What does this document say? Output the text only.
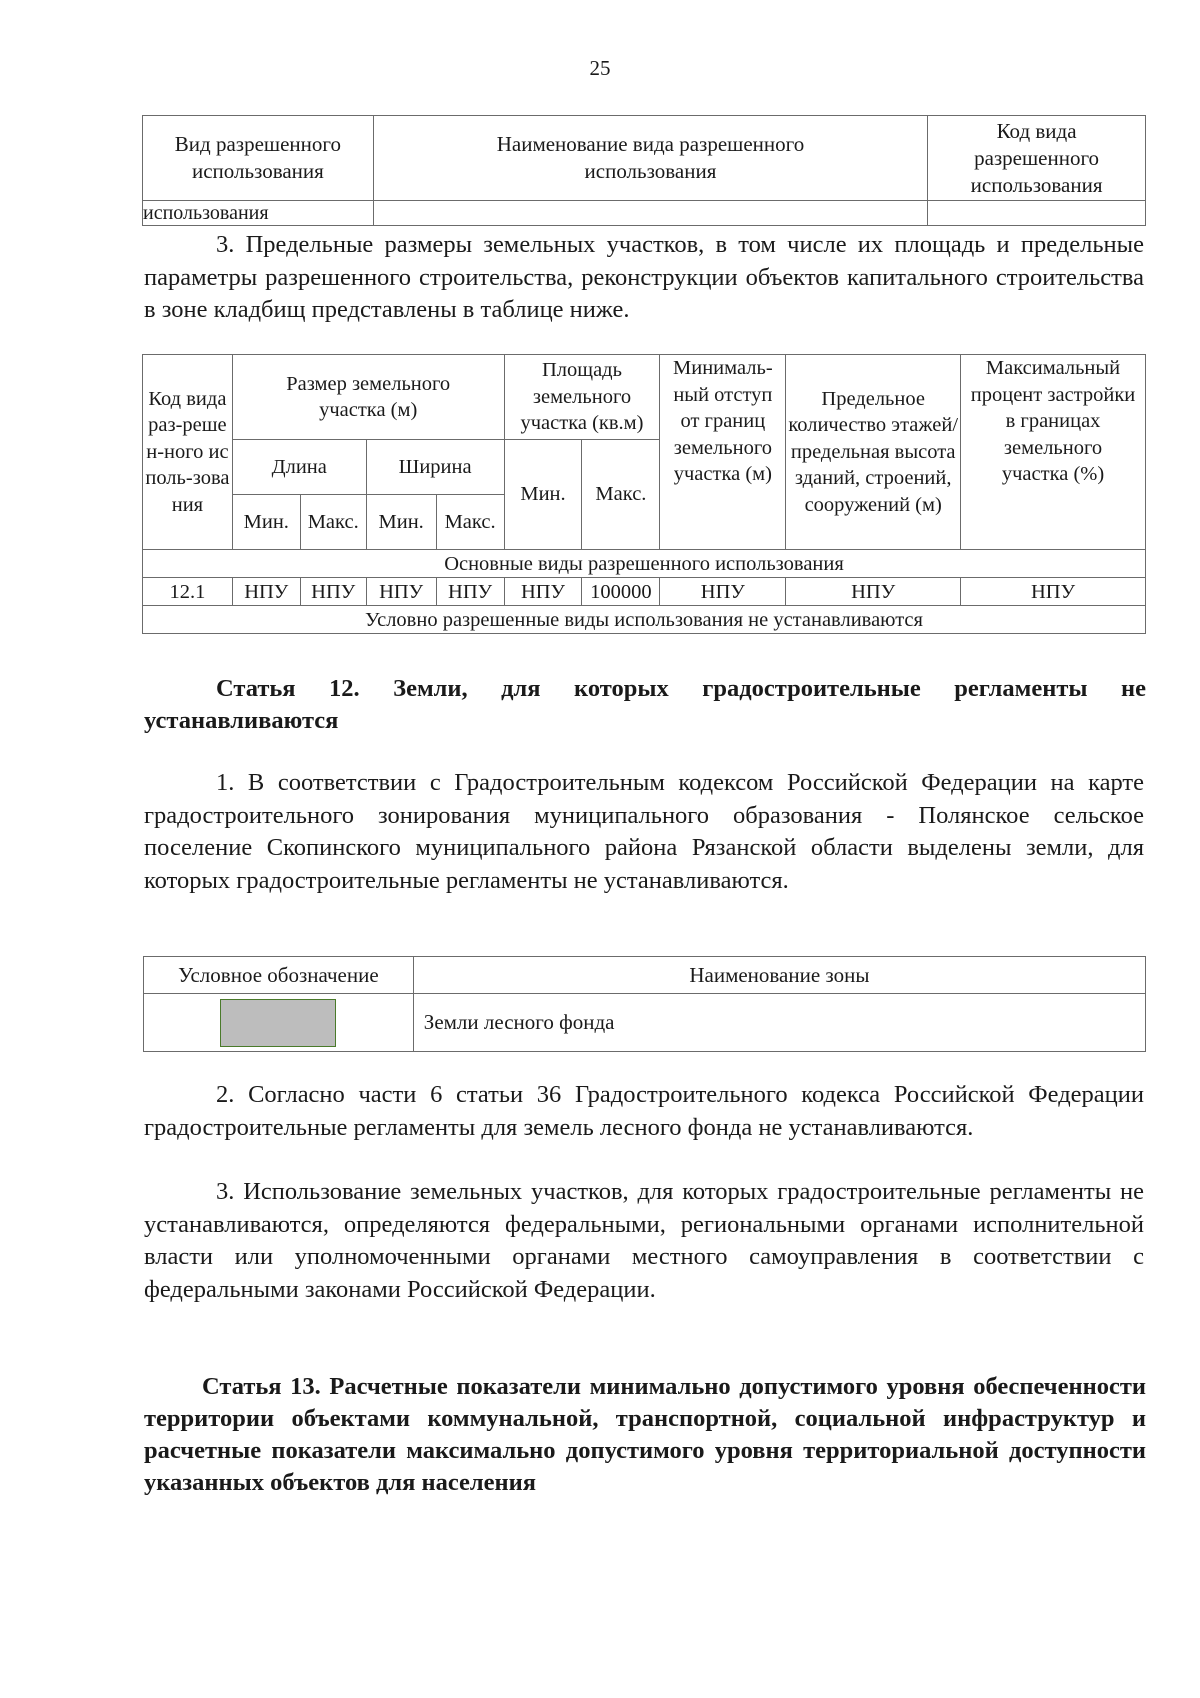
25
Вид разрешенного использования	Наименование вида разрешенного использования	Код вида разрешенного использования
использования		
3. Предельные размеры земельных участков, в том числе их площадь и предельные параметры разрешенного строительства, реконструкции объектов капитального строительства в зоне кладбищ представлены в таблице ниже.
Код вида раз-решен-ного исполь-зования	Размер земельного участка (м)				Площадь земельного участка (кв.м)		Минималь-ный отступ от границ земельного участка (м)	Предельное количество этажей/ предельная высота зданий, строений, сооружений (м)	Максимальный процент застройки в границах земельного участка (%)
	Длина		Ширина		Мин.	Макс.			
	Мин.	Макс.	Мин.	Макс.					
Основные виды разрешенного использования									
12.1	НПУ	НПУ	НПУ	НПУ	НПУ	100000	НПУ	НПУ	НПУ
Условно разрешенные виды использования не устанавливаются									
Статья 12. Земли, для которых градостроительные регламенты не устанавливаются
1. В соответствии с Градостроительным кодексом Российской Федерации на карте градостроительного зонирования муниципального образования - Полянское сельское поселение Скопинского муниципального района Рязанской области выделены земли, для которых градостроительные регламенты не устанавливаются.
Условное обозначение	Наименование зоны
	Земли лесного фонда
2. Согласно части 6 статьи 36 Градостроительного кодекса Российской Федерации градостроительные регламенты для земель лесного фонда не устанавливаются.
3. Использование земельных участков, для которых градостроительные регламенты не устанавливаются, определяются федеральными, региональными органами исполнительной власти или уполномоченными органами местного самоуправления в соответствии с федеральными законами Российской Федерации.
Статья 13. Расчетные показатели минимально допустимого уровня обеспеченности территории объектами коммунальной, транспортной, социальной инфраструктур и расчетные показатели максимально допустимого уровня территориальной доступности указанных объектов для населения
